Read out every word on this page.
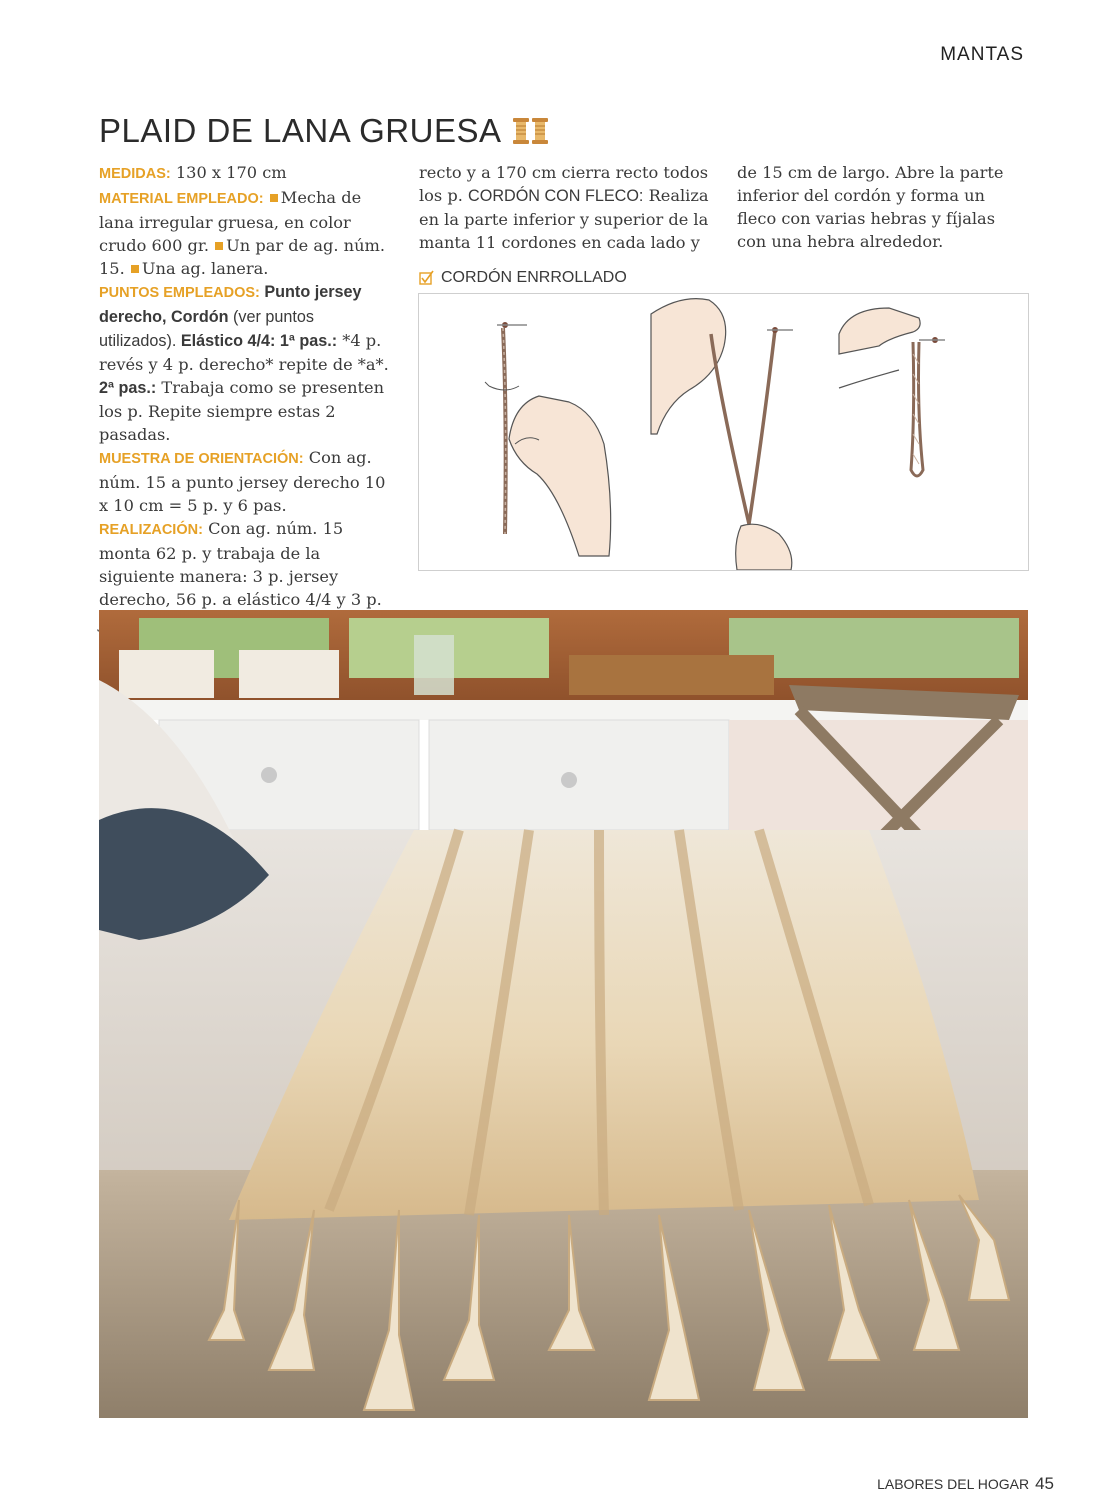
MANTAS
PLAID DE LANA GRUESA

MEDIDAS: 130 x 170 cm

MATERIAL EMPLEADO: Mecha de lana irregular gruesa, en color crudo 600 gr. Un par de ag. núm. 15. Una ag. lanera.

PUNTOS EMPLEADOS: Punto jersey derecho, Cordón (ver puntos utilizados). Elástico 4/4: 1ª pas.: *4 p. revés y 4 p. derecho* repite de *a*. 2ª pas.: Trabaja como se presenten los p. Repite siempre estas 2 pasadas.

MUESTRA DE ORIENTACIÓN: Con ag. núm. 15 a punto jersey derecho 10 x 10 cm = 5 p. y 6 pas.

REALIZACIÓN: Con ag. núm. 15 monta 62 p. y trabaja de la siguiente manera: 3 p. jersey derecho, 56 p. a elástico 4/4 y 3 p.

recto y a 170 cm cierra recto todos los p. CORDÓN CON FLECO: Realiza en la parte inferior y superior de la manta 11 cordones en cada lado y

de 15 cm de largo. Abre la parte inferior del cordón y forma un fleco con varias hebras y fíjalas con una hebra alrededor.

CORDÓN ENRROLLADO
LABORES DEL HOGAR 45
